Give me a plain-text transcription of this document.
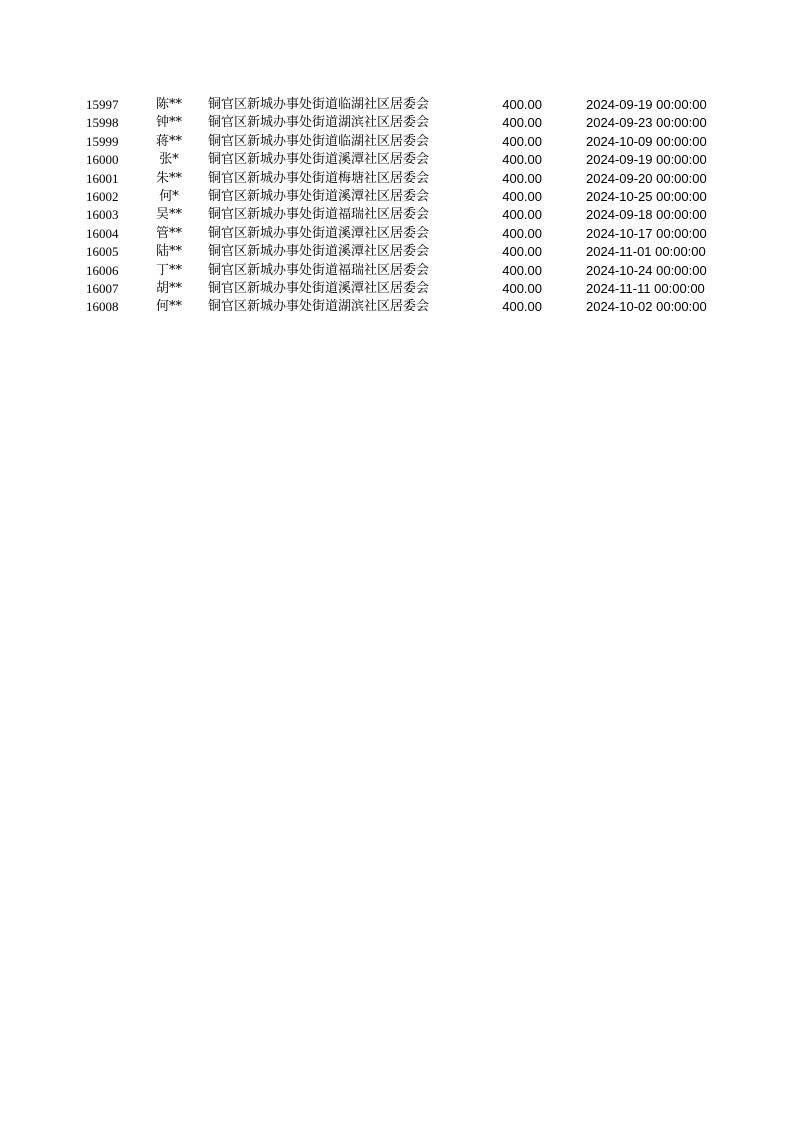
15997	陈**	铜官区新城办事处街道临湖社区居委会	400.00	2024-09-19 00:00:00
15998	钟**	铜官区新城办事处街道湖滨社区居委会	400.00	2024-09-23 00:00:00
15999	蒋**	铜官区新城办事处街道临湖社区居委会	400.00	2024-10-09 00:00:00
16000	张*	铜官区新城办事处街道溪潭社区居委会	400.00	2024-09-19 00:00:00
16001	朱**	铜官区新城办事处街道梅塘社区居委会	400.00	2024-09-20 00:00:00
16002	何*	铜官区新城办事处街道溪潭社区居委会	400.00	2024-10-25 00:00:00
16003	吴**	铜官区新城办事处街道福瑞社区居委会	400.00	2024-09-18 00:00:00
16004	管**	铜官区新城办事处街道溪潭社区居委会	400.00	2024-10-17 00:00:00
16005	陆**	铜官区新城办事处街道溪潭社区居委会	400.00	2024-11-01 00:00:00
16006	丁**	铜官区新城办事处街道福瑞社区居委会	400.00	2024-10-24 00:00:00
16007	胡**	铜官区新城办事处街道溪潭社区居委会	400.00	2024-11-11 00:00:00
16008	何**	铜官区新城办事处街道湖滨社区居委会	400.00	2024-10-02 00:00:00
